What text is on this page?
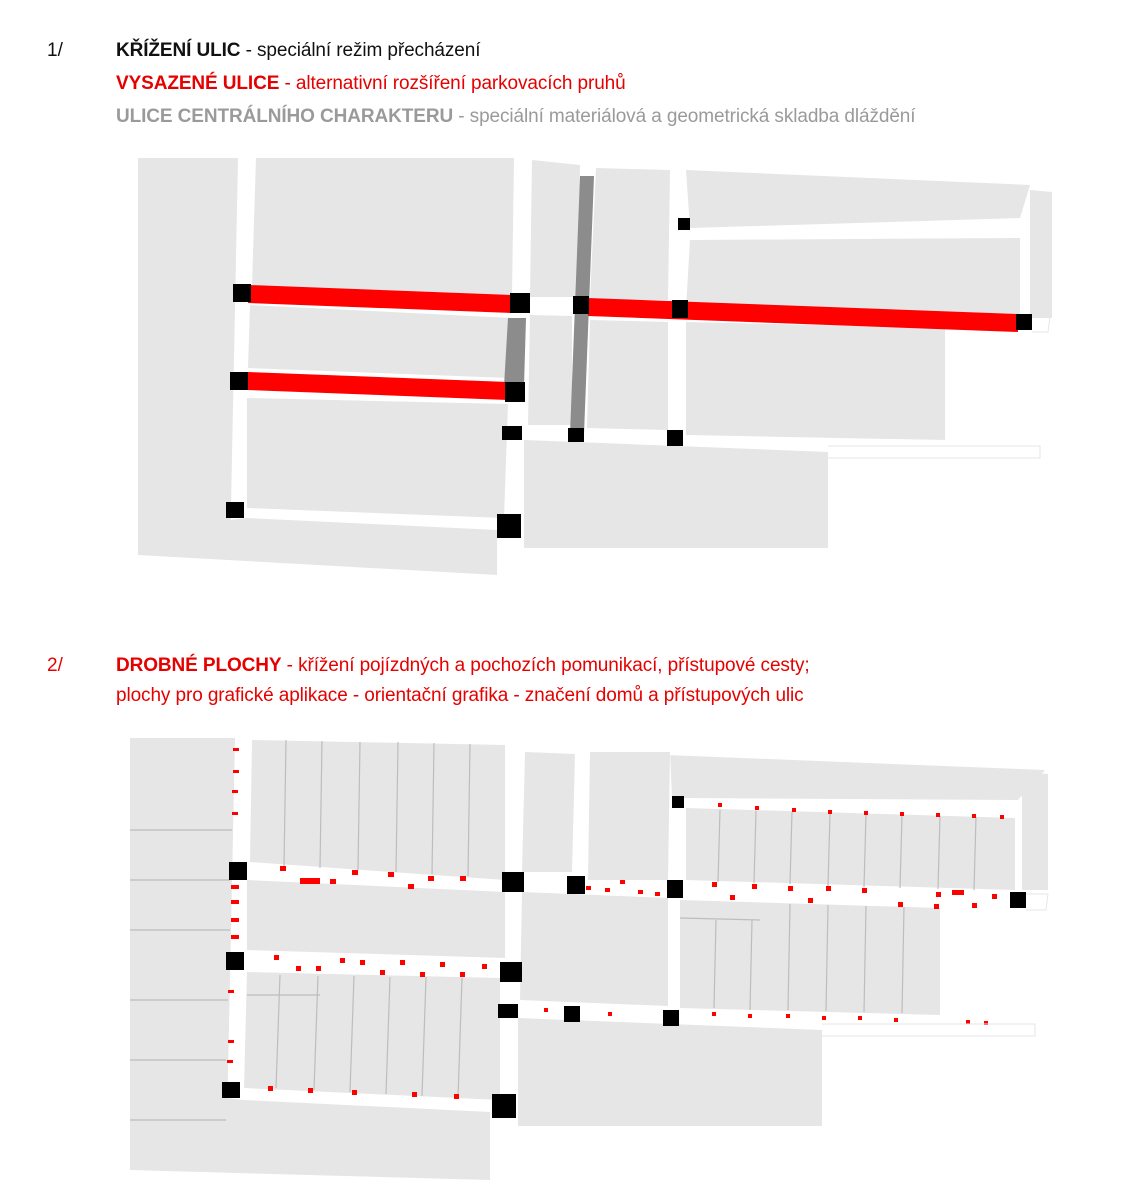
1/	KŘÍŽENÍ ULIC - speciální režim přecházení
VYSAZENÉ ULICE - alternativní rozšíření parkovacích pruhů
ULICE CENTRÁLNÍHO CHARAKTERU - speciální materiálová a geometrická skladba dláždění
2/	DROBNÉ PLOCHY - křížení pojízdných a pochozích pomunikací, přístupové cesty;
plochy pro grafické aplikace - orientační grafika - značení domů a přístupových ulic
